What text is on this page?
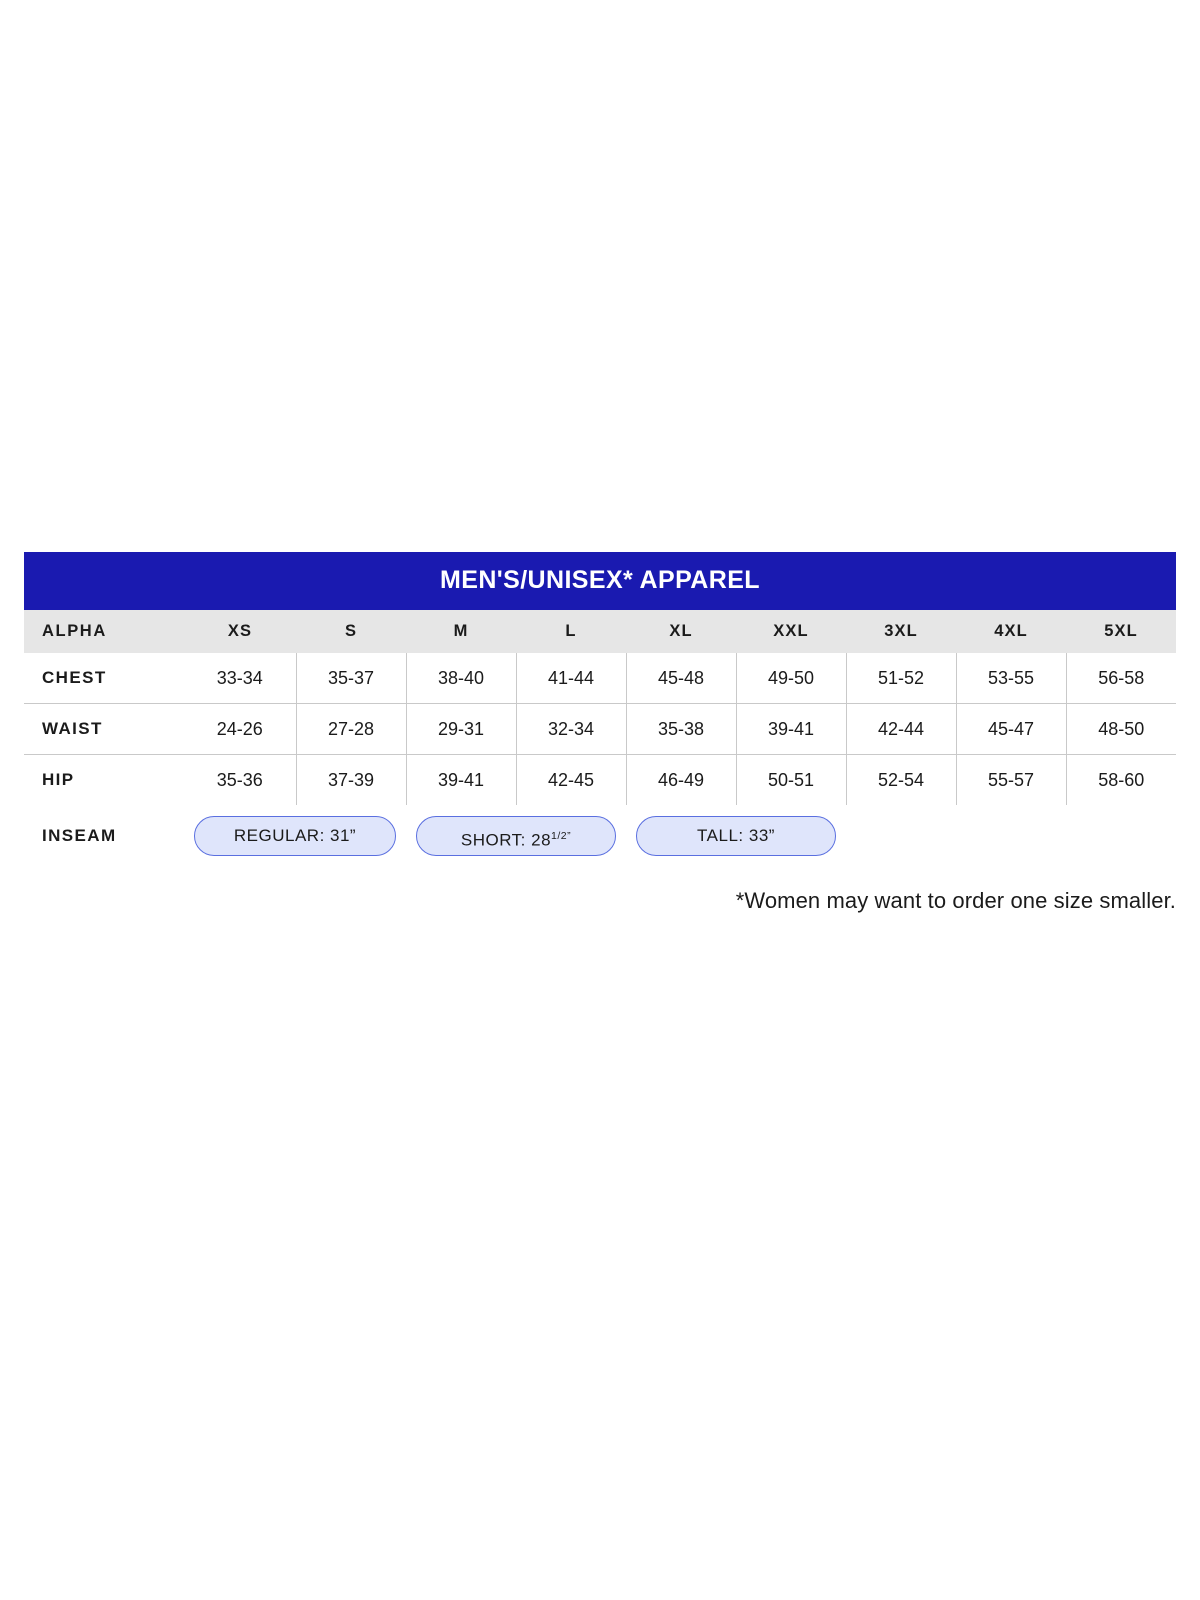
MEN'S/UNISEX* APPAREL
ALPHA	XS	S	M	L	XL	XXL	3XL	4XL	5XL
CHEST	33-34	35-37	38-40	41-44	45-48	49-50	51-52	53-55	56-58
WAIST	24-26	27-28	29-31	32-34	35-38	39-41	42-44	45-47	48-50
HIP	35-36	37-39	39-41	42-45	46-49	50-51	52-54	55-57	58-60
INSEAM	REGULAR: 31”		SHORT: $28^{1/2”}$		TALL: 33”				

*Women may want to order one size smaller.
